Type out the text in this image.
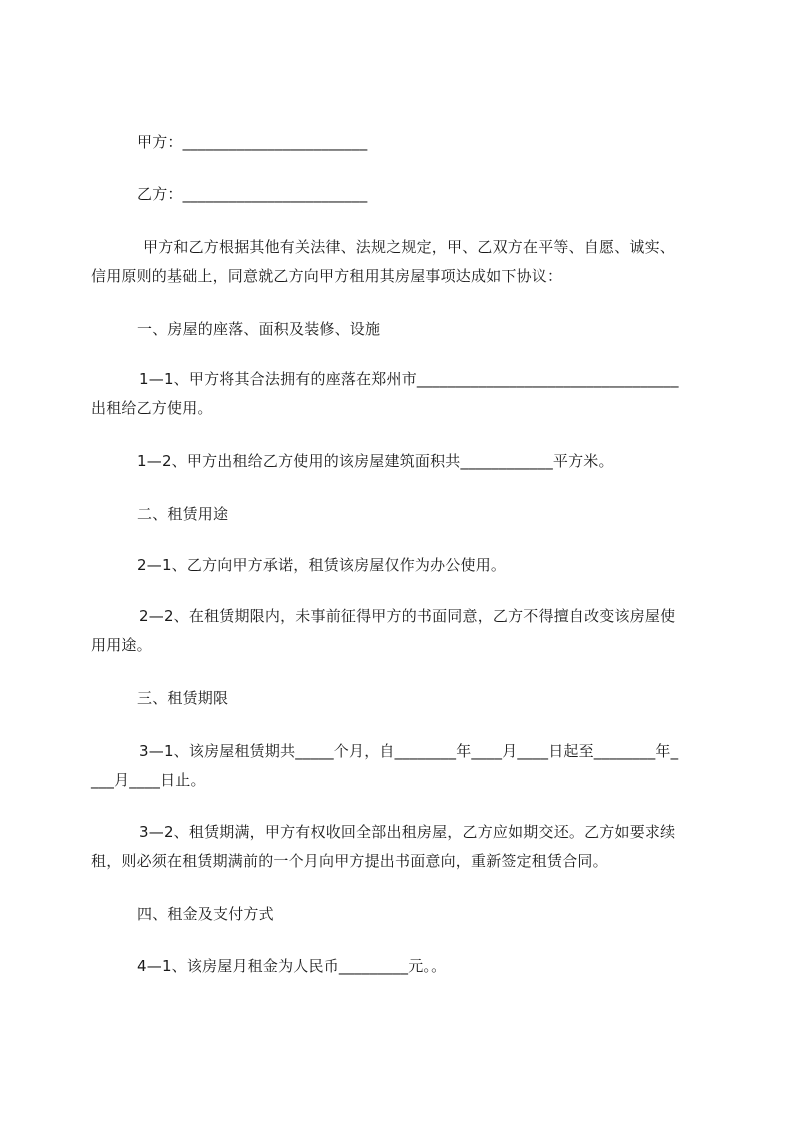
甲方：________________________
乙方：________________________
甲方和乙方根据其他有关法律、法规之规定，甲、乙双方在平等、自愿、诚实、
信用原则的基础上，同意就乙方向甲方租用其房屋事项达成如下协议：
一、房屋的座落、面积及装修、设施
1—1、甲方将其合法拥有的座落在郑州市__________________________________
出租给乙方使用。
1—2、甲方出租给乙方使用的该房屋建筑面积共____________平方米。
二、租赁用途
2—1、乙方向甲方承诺，租赁该房屋仅作为办公使用。
2—2、在租赁期限内，未事前征得甲方的书面同意，乙方不得擅自改变该房屋使
用用途。
三、租赁期限
3—1、该房屋租赁期共_____个月，自________年____月____日起至________年_
___月____日止。
3—2、租赁期满，甲方有权收回全部出租房屋，乙方应如期交还。乙方如要求续
租，则必须在租赁期满前的一个月向甲方提出书面意向，重新签定租赁合同。
四、租金及支付方式
4—1、该房屋月租金为人民币_________元。。
